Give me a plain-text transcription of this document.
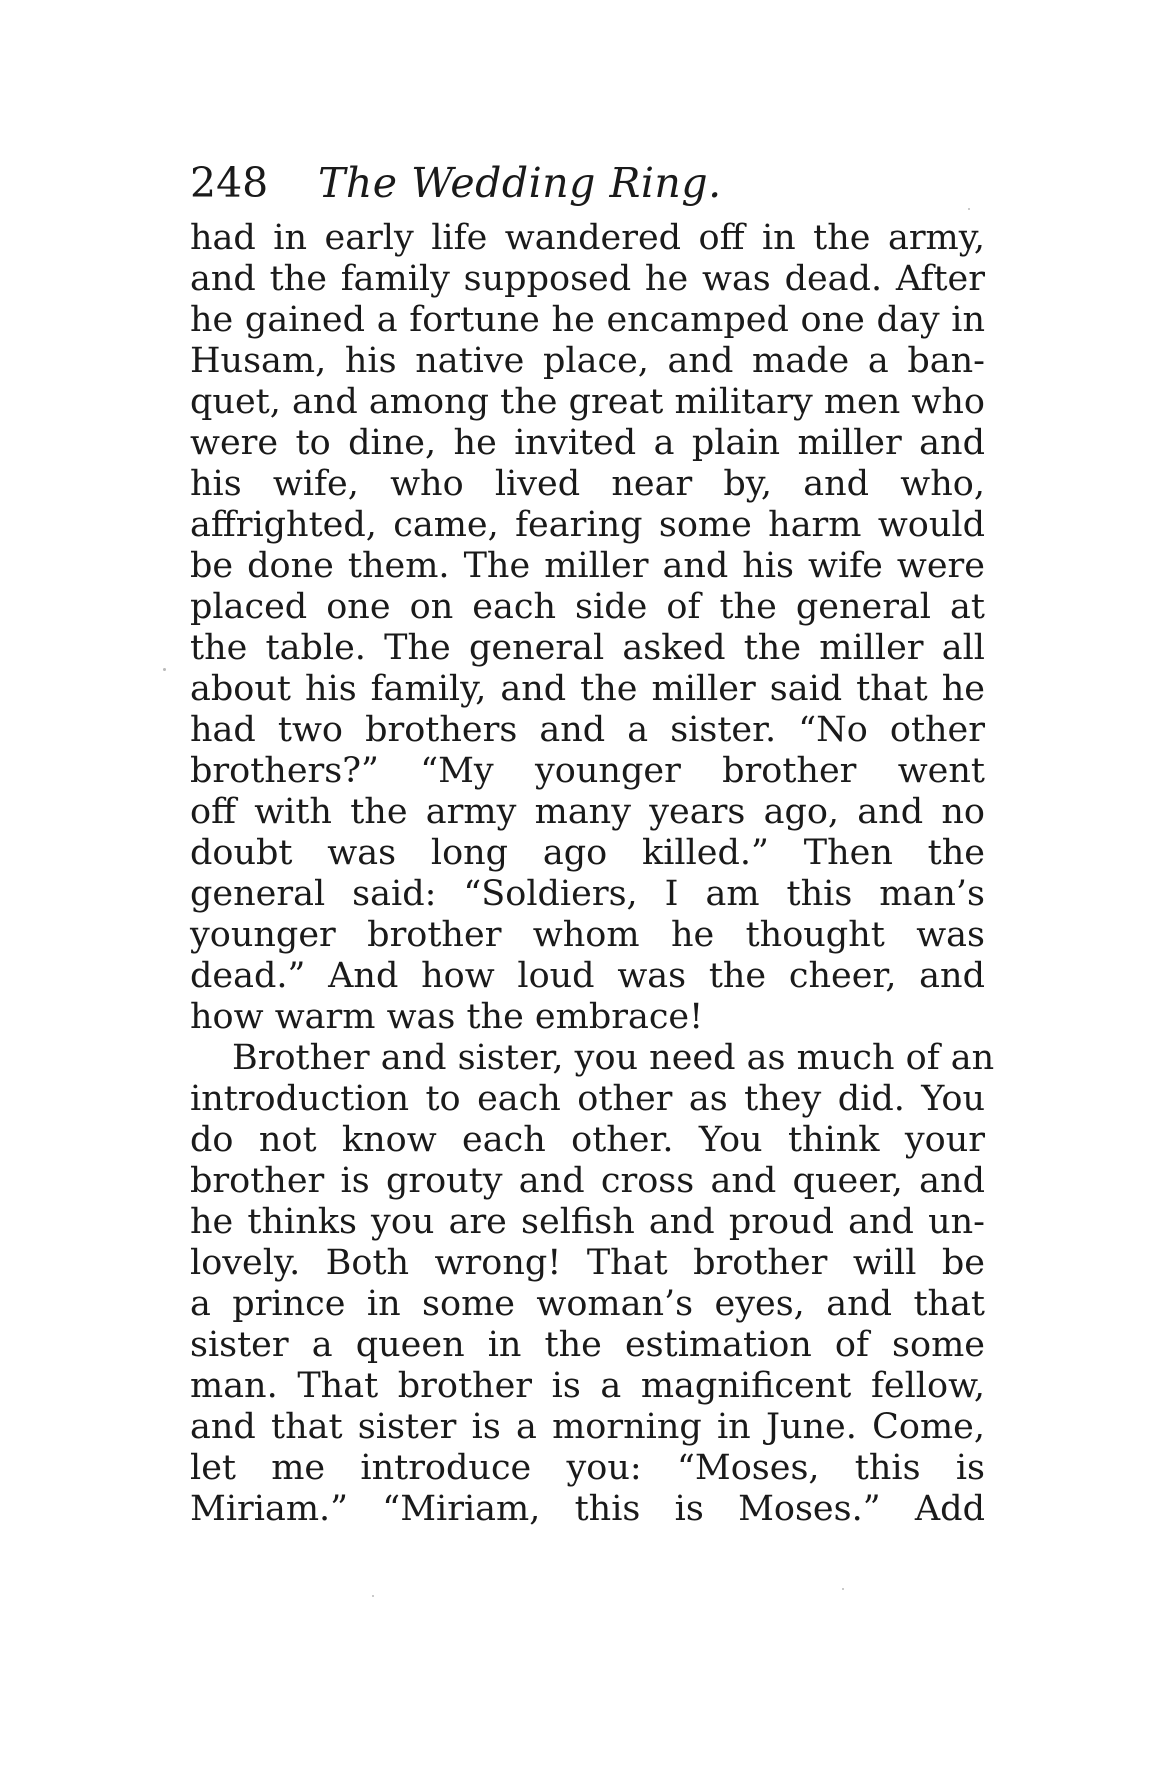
248 The Wedding Ring.
had in early life wandered off in the army,
and the family supposed he was dead. After
he gained a fortune he encamped one day in
Husam, his native place, and made a ban-
quet, and among the great military men who
were to dine, he invited a plain miller and
his wife, who lived near by, and who,
affrighted, came, fearing some harm would
be done them. The miller and his wife were
placed one on each side of the general at
the table. The general asked the miller all
about his family, and the miller said that he
had two brothers and a sister. “No other
brothers?” “My younger brother went
off with the army many years ago, and no
doubt was long ago killed.” Then the
general said: “Soldiers, I am this man’s
younger brother whom he thought was
dead.” And how loud was the cheer, and
how warm was the embrace!
Brother and sister, you need as much of an
introduction to each other as they did. You
do not know each other. You think your
brother is grouty and cross and queer, and
he thinks you are selfish and proud and un-
lovely. Both wrong! That brother will be
a prince in some woman’s eyes, and that
sister a queen in the estimation of some
man. That brother is a magnificent fellow,
and that sister is a morning in June. Come,
let me introduce you: “Moses, this is
Miriam.” “Miriam, this is Moses.” Add
